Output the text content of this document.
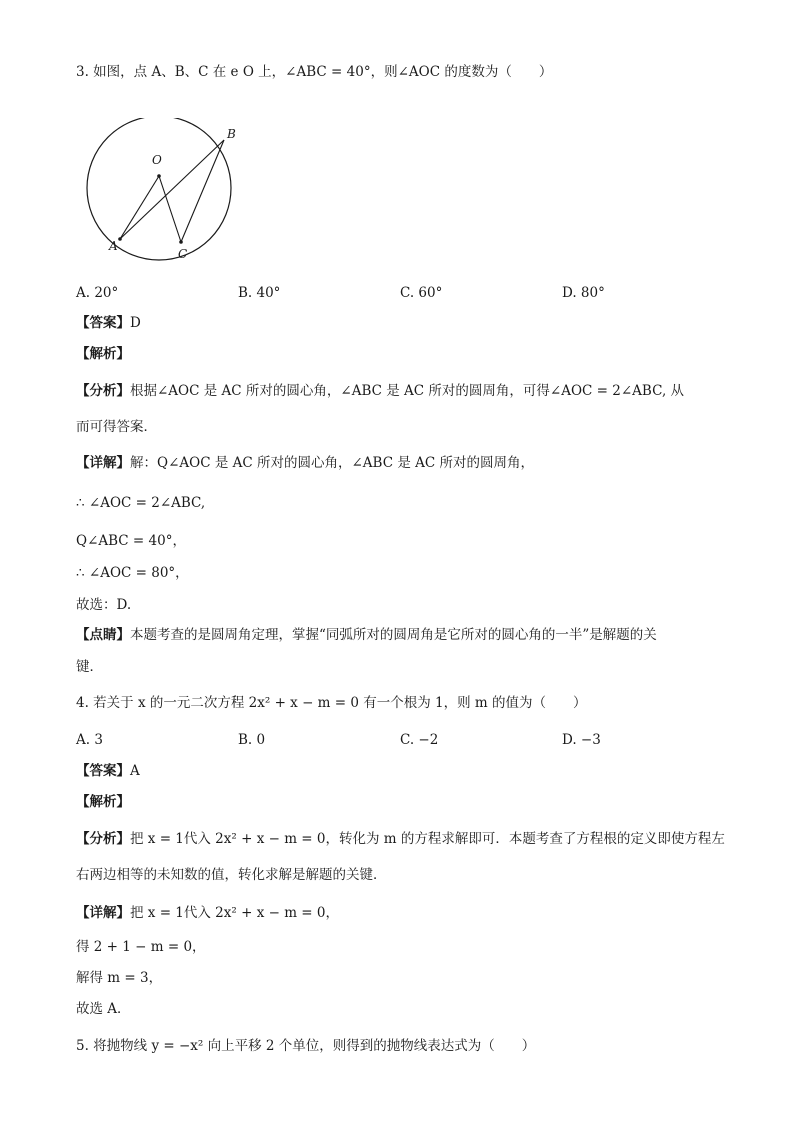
3. 如图，点 A、B、C 在 e O 上，∠ABC = 40°，则∠AOC 的度数为（　　）
O
A
B
C
A. 20°	B. 40°	C. 60°	D. 80°
【答案】D
【解析】
【分析】根据∠AOC 是 AC 所对的圆心角，∠ABC 是 AC 所对的圆周角，可得∠AOC = 2∠ABC, 从
而可得答案．
【详解】解：Q∠AOC 是 AC 所对的圆心角，∠ABC 是 AC 所对的圆周角，
∴ ∠AOC = 2∠ABC,
Q∠ABC = 40°，
∴ ∠AOC = 80°，
故选：D.
【点睛】本题考查的是圆周角定理，掌握“同弧所对的圆周角是它所对的圆心角的一半”是解题的关
键．
4. 若关于 x 的一元二次方程 2x² + x − m = 0 有一个根为 1，则 m 的值为（　　）
A. 3	B. 0	C. −2	D. −3
【答案】A
【解析】
【分析】把 x = 1代入 2x² + x − m = 0，转化为 m 的方程求解即可．本题考查了方程根的定义即使方程左
右两边相等的未知数的值，转化求解是解题的关键．
【详解】把 x = 1代入 2x² + x − m = 0，
得 2 + 1 − m = 0，
解得 m = 3，
故选 A．
5. 将抛物线 y = −x² 向上平移 2 个单位，则得到的抛物线表达式为（　　）
